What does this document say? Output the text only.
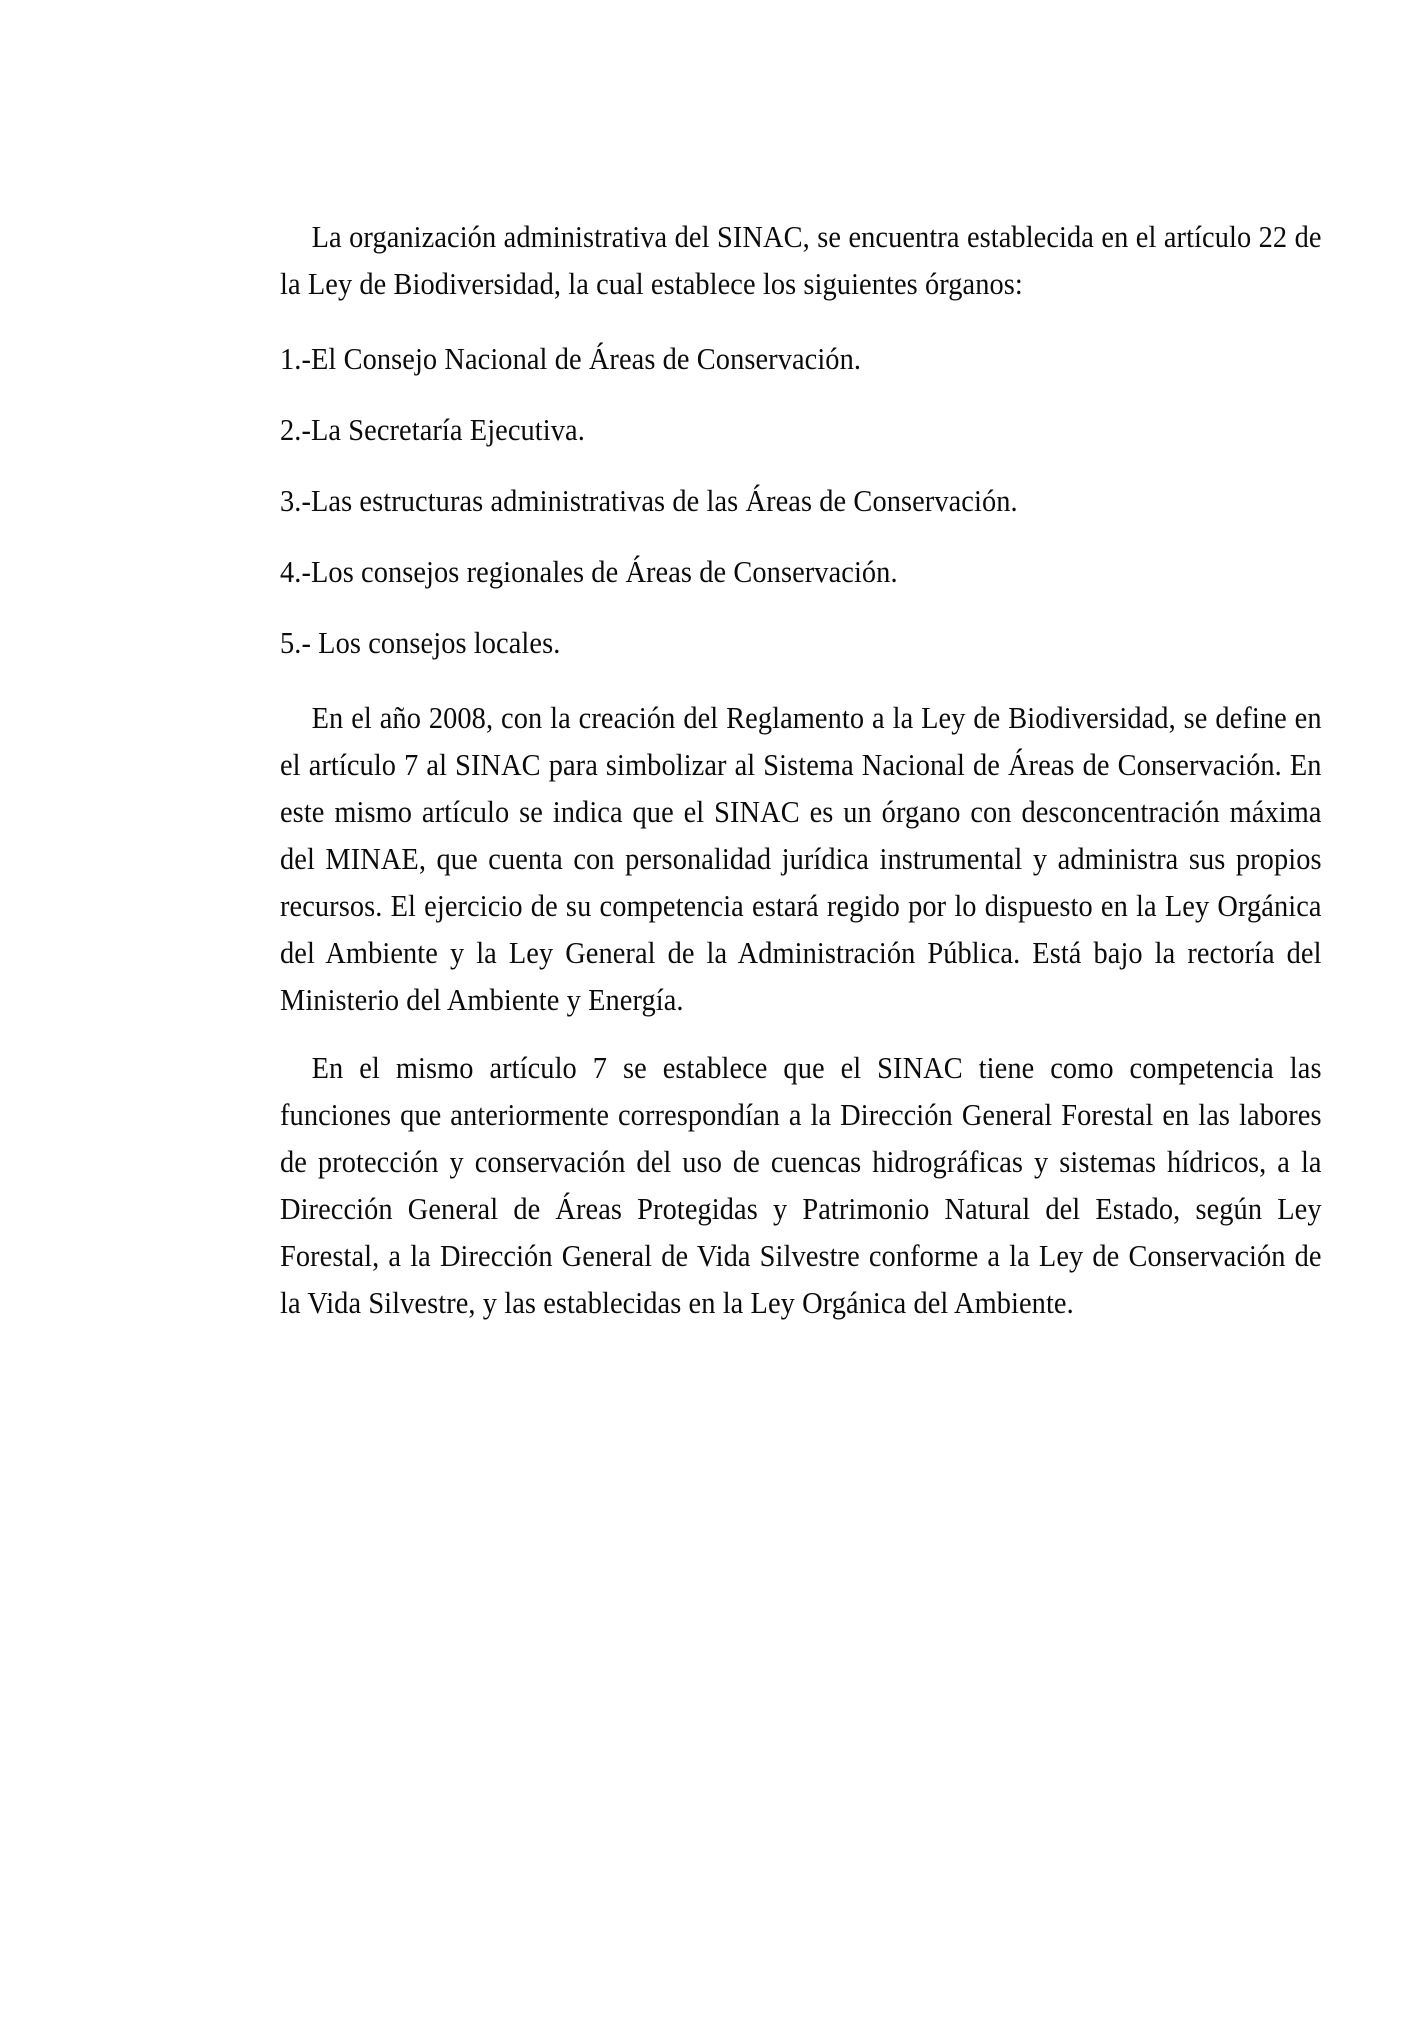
La organización administrativa del SINAC, se encuentra establecida en el artículo 22 de la Ley de Biodiversidad, la cual establece los siguientes órganos:

1.-El Consejo Nacional de Áreas de Conservación.

2.-La Secretaría Ejecutiva.

3.-Las estructuras administrativas de las Áreas de Conservación.

4.-Los consejos regionales de Áreas de Conservación.

5.- Los consejos locales.

En el año 2008, con la creación del Reglamento a la Ley de Biodiversidad, se define en el artículo 7 al SINAC para simbolizar al Sistema Nacional de Áreas de Conservación. En este mismo artículo se indica que el SINAC es un órgano con desconcentración máxima del MINAE, que cuenta con personalidad jurídica instrumental y administra sus propios recursos. El ejercicio de su competencia estará regido por lo dispuesto en la Ley Orgánica del Ambiente y la Ley General de la Administración Pública. Está bajo la rectoría del Ministerio del Ambiente y Energía.

En el mismo artículo 7 se establece que el SINAC tiene como competencia las funciones que anteriormente correspondían a la Dirección General Forestal en las labores de protección y conservación del uso de cuencas hidrográficas y sistemas hídricos, a la Dirección General de Áreas Protegidas y Patrimonio Natural del Estado, según Ley Forestal, a la Dirección General de Vida Silvestre conforme a la Ley de Conservación de la Vida Silvestre, y las establecidas en la Ley Orgánica del Ambiente.
